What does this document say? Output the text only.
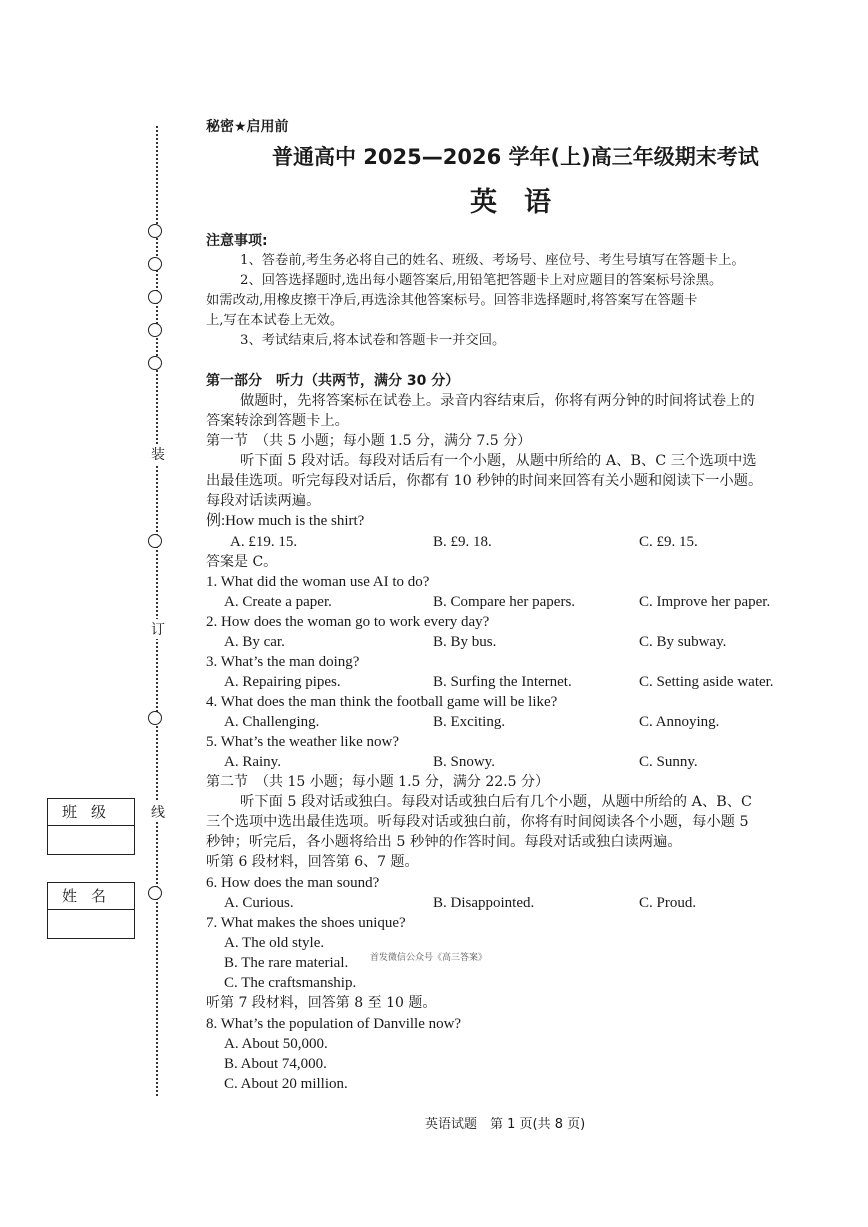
装
订
线
班级
姓名
秘密★启用前
普通高中 2025—2026 学年(上)高三年级期末考试
英　语
注意事项:
1、答卷前,考生务必将自己的姓名、班级、考场号、座位号、考生号填写在答题卡上。
2、回答选择题时,选出每小题答案后,用铅笔把答题卡上对应题目的答案标号涂黑。
如需改动,用橡皮擦干净后,再选涂其他答案标号。回答非选择题时,将答案写在答题卡
上,写在本试卷上无效。
3、考试结束后,将本试卷和答题卡一并交回。
第一部分　听力（共两节，满分 30 分）
做题时，先将答案标在试卷上。录音内容结束后，你将有两分钟的时间将试卷上的
答案转涂到答题卡上。
第一节　（共 5 小题；每小题 1.5 分，满分 7.5 分）
听下面 5 段对话。每段对话后有一个小题，从题中所给的 A、B、C 三个选项中选
出最佳选项。听完每段对话后，你都有 10 秒钟的时间来回答有关小题和阅读下一小题。
每段对话读两遍。
例:How much is the shirt?
A. £19. 15.	B. £9. 18.	C. £9. 15.
答案是 C。
1. What did the woman use AI to do?
A. Create a paper.	B. Compare her papers.	C. Improve her paper.
2. How does the woman go to work every day?
A. By car.	B. By bus.	C. By subway.
3. What’s the man doing?
A. Repairing pipes.	B. Surfing the Internet.	C. Setting aside water.
4. What does the man think the football game will be like?
A. Challenging.	B. Exciting.	C. Annoying.
5. What’s the weather like now?
A. Rainy.	B. Snowy.	C. Sunny.
第二节　（共 15 小题；每小题 1.5 分，满分 22.5 分）
听下面 5 段对话或独白。每段对话或独白后有几个小题，从题中所给的 A、B、C
三个选项中选出最佳选项。听每段对话或独白前，你将有时间阅读各个小题，每小题 5
秒钟；听完后，各小题将给出 5 秒钟的作答时间。每段对话或独白读两遍。
听第 6 段材料，回答第 6、7 题。
6. How does the man sound?
A. Curious.	B. Disappointed.	C. Proud.
7. What makes the shoes unique?
A. The old style.
B. The rare material.
C. The craftsmanship.
听第 7 段材料，回答第 8 至 10 题。
8. What’s the population of Danville now?
A. About 50,000.
B. About 74,000.
C. About 20 million.
首发微信公众号《高三答案》
英语试题　第 1 页(共 8 页)
